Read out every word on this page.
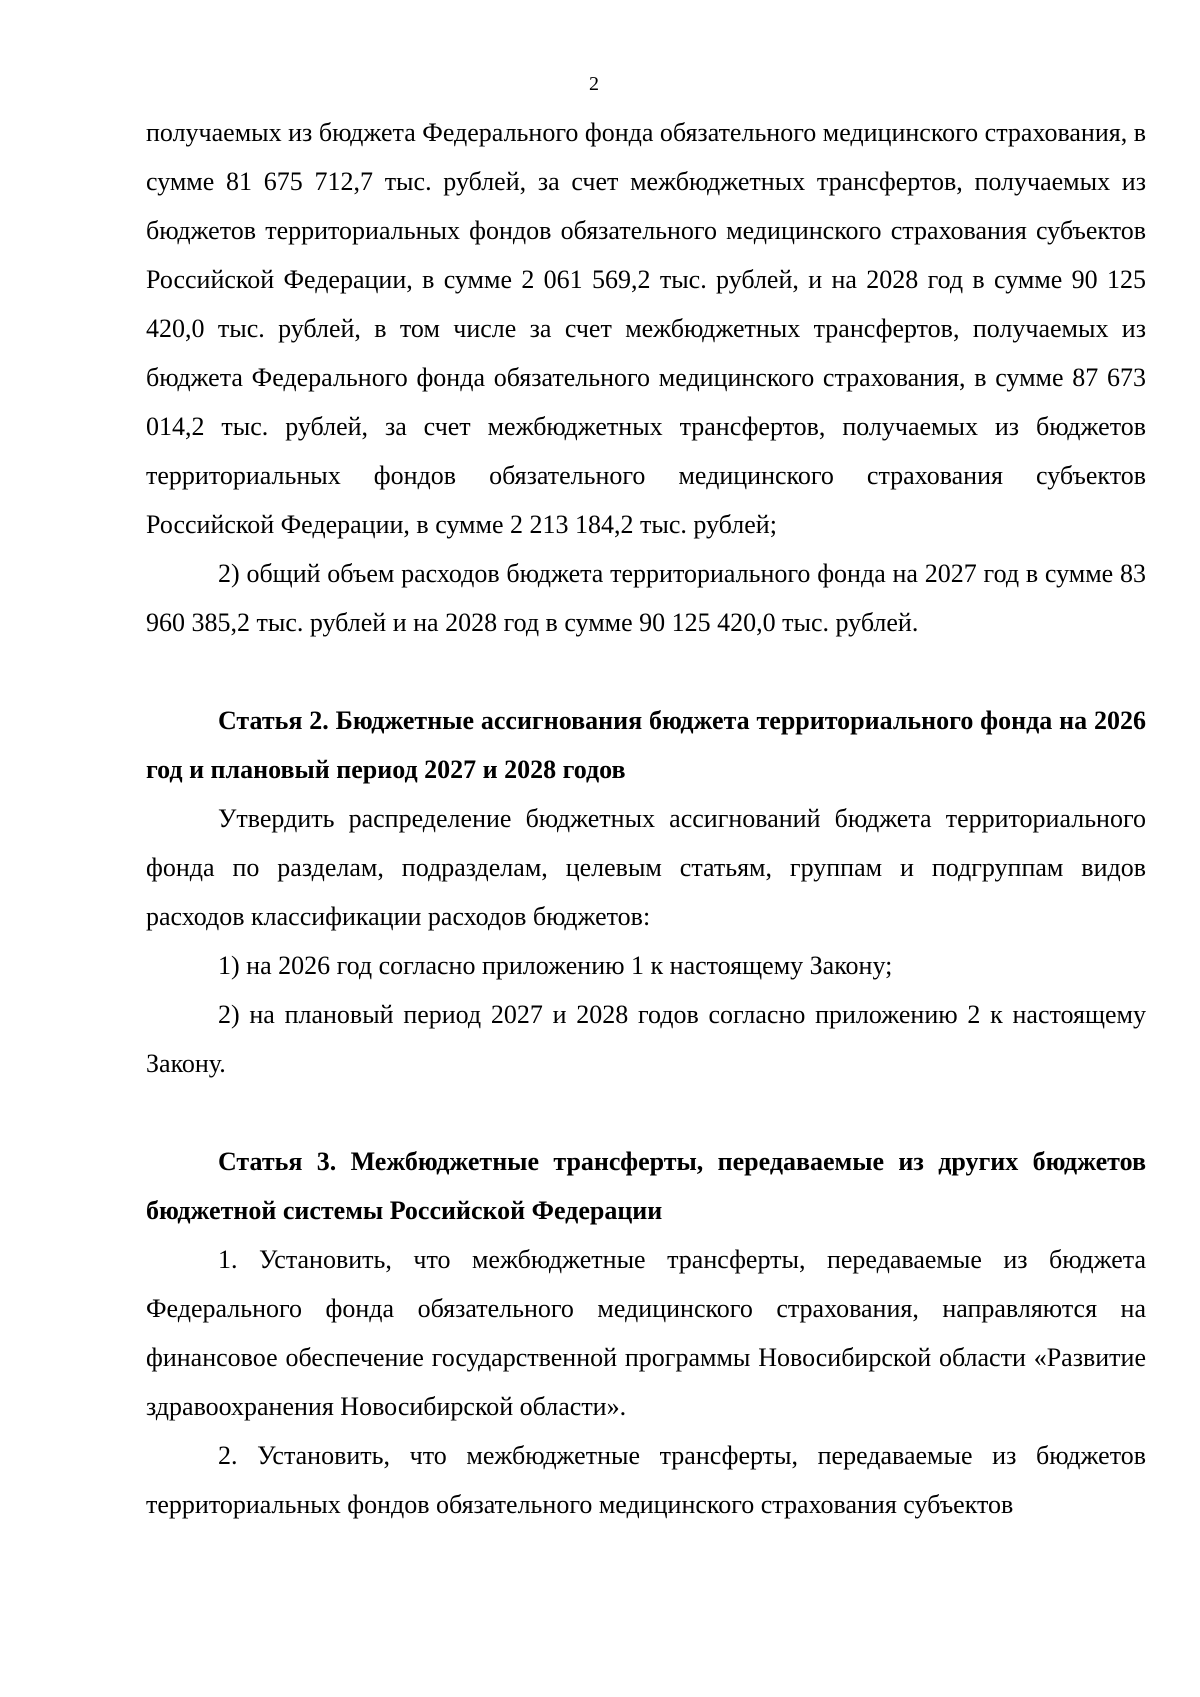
2

получаемых из бюджета Федерального фонда обязательного медицинского страхования, в сумме 81 675 712,7 тыс. рублей, за счет межбюджетных трансфертов, получаемых из бюджетов территориальных фондов обязательного медицинского страхования субъектов Российской Федерации, в сумме 2 061 569,2 тыс. рублей, и на 2028 год в сумме 90 125 420,0 тыс. рублей, в том числе за счет межбюджетных трансфертов, получаемых из бюджета Федерального фонда обязательного медицинского страхования, в сумме 87 673 014,2 тыс. рублей, за счет межбюджетных трансфертов, получаемых из бюджетов территориальных фондов обязательного медицинского страхования субъектов Российской Федерации, в сумме 2 213 184,2 тыс. рублей;

2) общий объем расходов бюджета территориального фонда на 2027 год в сумме 83 960 385,2 тыс. рублей и на 2028 год в сумме 90 125 420,0 тыс. рублей.

Статья 2. Бюджетные ассигнования бюджета территориального фонда на 2026 год и плановый период 2027 и 2028 годов

Утвердить распределение бюджетных ассигнований бюджета территориального фонда по разделам, подразделам, целевым статьям, группам и подгруппам видов расходов классификации расходов бюджетов:

1) на 2026 год согласно приложению 1 к настоящему Закону;

2) на плановый период 2027 и 2028 годов согласно приложению 2 к настоящему Закону.

Статья 3. Межбюджетные трансферты, передаваемые из других бюджетов бюджетной системы Российской Федерации

1. Установить, что межбюджетные трансферты, передаваемые из бюджета Федерального фонда обязательного медицинского страхования, направляются на финансовое обеспечение государственной программы Новосибирской области «Развитие здравоохранения Новосибирской области».

2. Установить, что межбюджетные трансферты, передаваемые из бюджетов территориальных фондов обязательного медицинского страхования субъектов
